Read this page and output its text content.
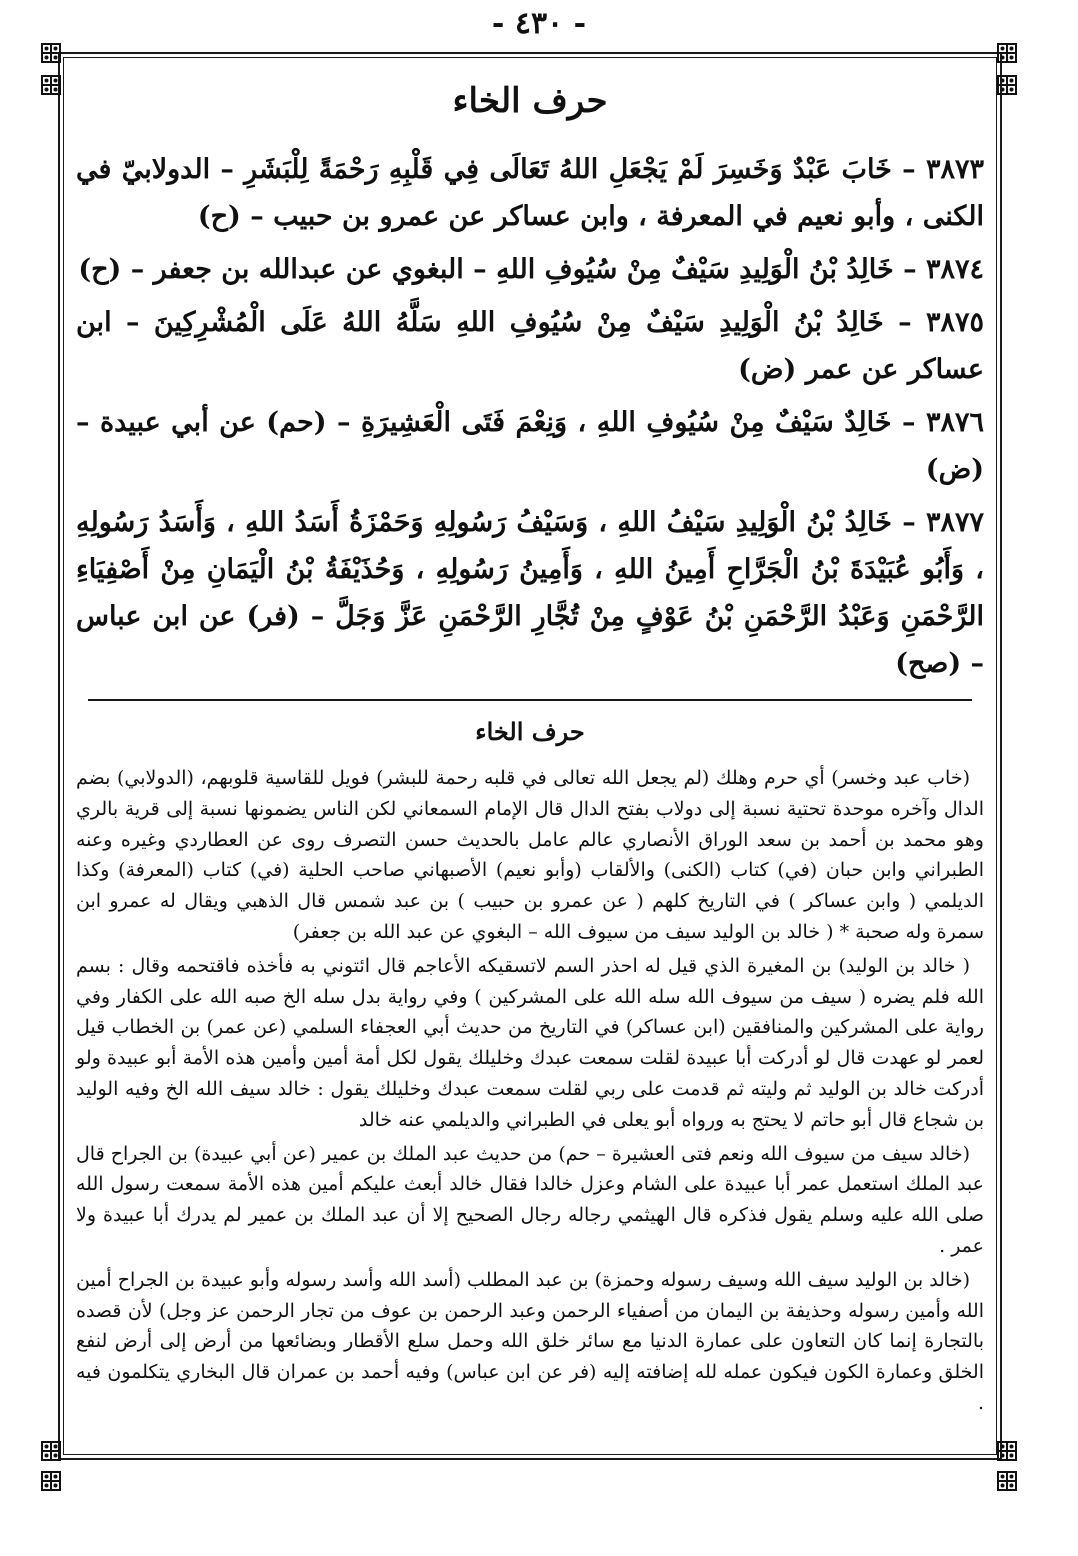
- ٤٣٠ -
حرف الخاء
٣٨٧٣ – خَابَ عَبْدٌ وَخَسِرَ لَمْ يَجْعَلِ اللهُ تَعَالَى فِي قَلْبِهِ رَحْمَةً لِلْبَشَرِ – الدولابيّ في الكنى ، وأبو نعيم في المعرفة ، وابن عساكر عن عمرو بن حبيب – (ح)
٣٨٧٤ – خَالِدُ بْنُ الْوَلِيدِ سَيْفٌ مِنْ سُيُوفِ اللهِ – البغوي عن عبدالله بن جعفر – (ح)
٣٨٧٥ – خَالِدُ بْنُ الْوَلِيدِ سَيْفٌ مِنْ سُيُوفِ اللهِ سَلَّهُ اللهُ عَلَى الْمُشْرِكِينَ – ابن عساكر عن عمر (ض)
٣٨٧٦ – خَالِدٌ سَيْفٌ مِنْ سُيُوفِ اللهِ ، وَنِعْمَ فَتَى الْعَشِيرَةِ – (حم) عن أبي عبيدة – (ض)
٣٨٧٧ – خَالِدُ بْنُ الْوَلِيدِ سَيْفُ اللهِ ، وَسَيْفُ رَسُولِهِ وَحَمْزَةُ أَسَدُ اللهِ ، وَأَسَدُ رَسُولِهِ ، وَأَبُو عُبَيْدَةَ بْنُ الْجَرَّاحِ أَمِينُ اللهِ ، وَأَمِينُ رَسُولِهِ ، وَحُذَيْفَةُ بْنُ الْيَمَانِ مِنْ أَصْفِيَاءِ الرَّحْمَنِ وَعَبْدُ الرَّحْمَنِ بْنُ عَوْفٍ مِنْ تُجَّارِ الرَّحْمَنِ عَزَّ وَجَلَّ – (فر) عن ابن عباس – (صح)
حرف الخاء

(خاب عبد وخسر) أي حرم وهلك (لم يجعل الله تعالى في قلبه رحمة للبشر) فويل للقاسية قلوبهم، (الدولابي) بضم الدال وآخره موحدة تحتية نسبة إلى دولاب بفتح الدال قال الإمام السمعاني لكن الناس يضمونها نسبة إلى قرية بالري وهو محمد بن أحمد بن سعد الوراق الأنصاري عالم عامل بالحديث حسن التصرف روى عن العطاردي وغيره وعنه الطبراني وابن حبان (في) كتاب (الكنى) والألقاب (وأبو نعيم) الأصبهاني صاحب الحلية (في) كتاب (المعرفة) وكذا الديلمي ( وابن عساكر ) في التاريخ كلهم ( عن عمرو بن حبيب ) بن عبد شمس قال الذهبي ويقال له عمرو ابن سمرة وله صحبة * ( خالد بن الوليد سيف من سيوف الله – البغوي عن عبد الله بن جعفر)

( خالد بن الوليد) بن المغيرة الذي قيل له احذر السم لاتسقيكه الأعاجم قال ائتوني به فأخذه فاقتحمه وقال : بسم الله فلم يضره ( سيف من سيوف الله سله الله على المشركين ) وفي رواية بدل سله الخ صبه الله على الكفار وفي رواية على المشركين والمنافقين (ابن عساكر) في التاريخ من حديث أبي العجفاء السلمي (عن عمر) بن الخطاب قيل لعمر لو عهدت قال لو أدركت أبا عبيدة لقلت سمعت عبدك وخليلك يقول لكل أمة أمين وأمين هذه الأمة أبو عبيدة ولو أدركت خالد بن الوليد ثم وليته ثم قدمت على ربي لقلت سمعت عبدك وخليلك يقول : خالد سيف الله الخ وفيه الوليد بن شجاع قال أبو حاتم لا يحتج به ورواه أبو يعلى في الطبراني والديلمي عنه خالد

(خالد سيف من سيوف الله ونعم فتى العشيرة – حم) من حديث عبد الملك بن عمير (عن أبي عبيدة) بن الجراح قال عبد الملك استعمل عمر أبا عبيدة على الشام وعزل خالدا فقال خالد أبعث عليكم أمين هذه الأمة سمعت رسول الله صلى الله عليه وسلم يقول فذكره قال الهيثمي رجاله رجال الصحيح إلا أن عبد الملك بن عمير لم يدرك أبا عبيدة ولا عمر .

(خالد بن الوليد سيف الله وسيف رسوله وحمزة) بن عبد المطلب (أسد الله وأسد رسوله وأبو عبيدة بن الجراح أمين الله وأمين رسوله وحذيفة بن اليمان من أصفياء الرحمن وعبد الرحمن بن عوف من تجار الرحمن عز وجل) لأن قصده بالتجارة إنما كان التعاون على عمارة الدنيا مع سائر خلق الله وحمل سلع الأقطار وبضائعها من أرض إلى أرض لنفع الخلق وعمارة الكون فيكون عمله لله إضافته إليه (فر عن ابن عباس) وفيه أحمد بن عمران قال البخاري يتكلمون فيه .
